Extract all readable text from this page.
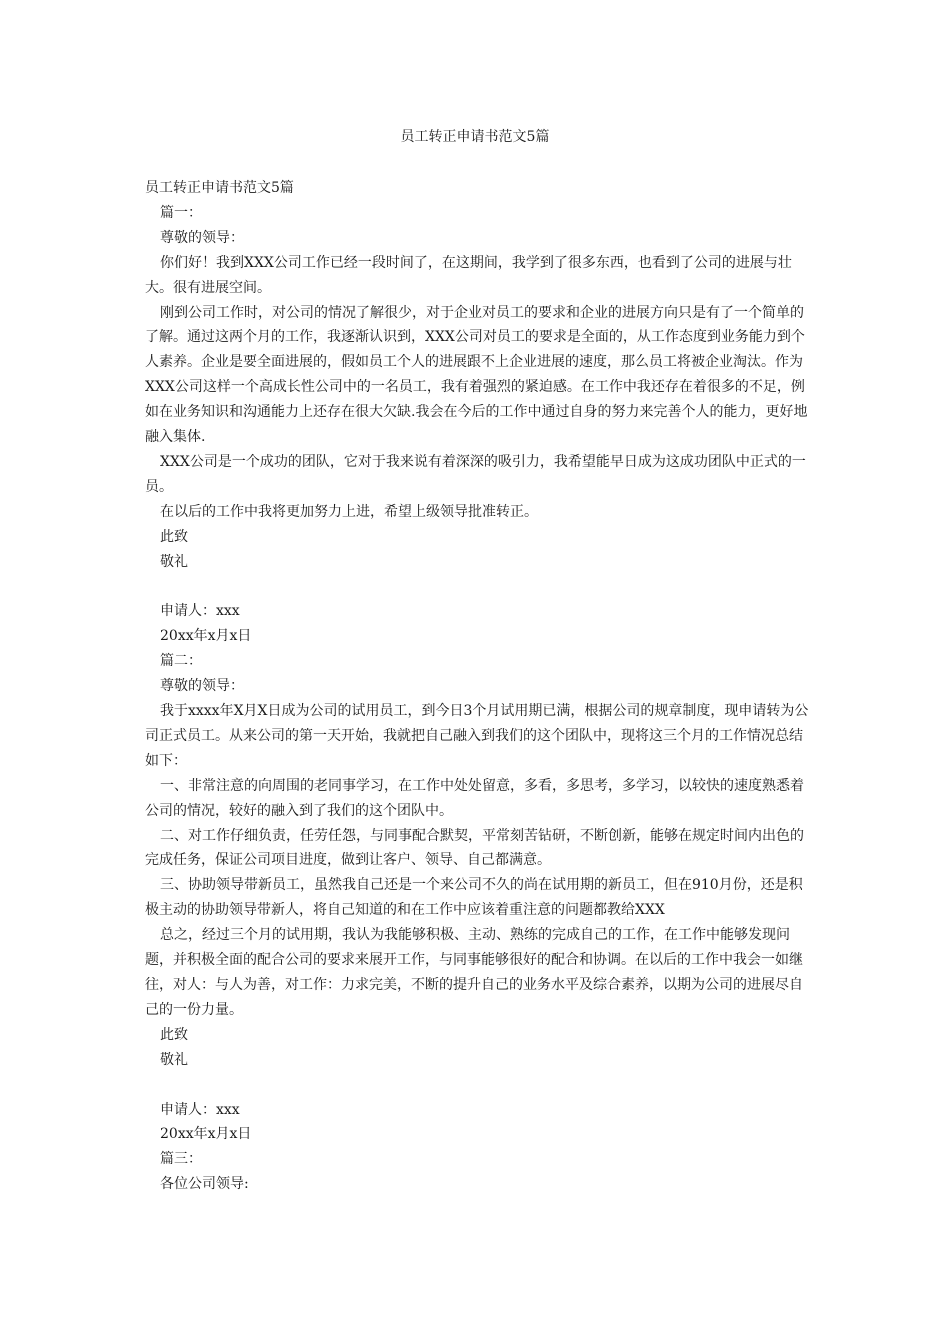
员工转正申请书范文5篇

员工转正申请书范文5篇

篇一：

尊敬的领导：

你们好！我到XXX公司工作已经一段时间了，在这期间，我学到了很多东西，也看到了公司的进展与壮大。很有进展空间。

刚到公司工作时，对公司的情况了解很少，对于企业对员工的要求和企业的进展方向只是有了一个简单的了解。通过这两个月的工作，我逐渐认识到，XXX公司对员工的要求是全面的，从工作态度到业务能力到个人素养。企业是要全面进展的，假如员工个人的进展跟不上企业进展的速度，那么员工将被企业淘汰。作为XXX公司这样一个高成长性公司中的一名员工，我有着强烈的紧迫感。在工作中我还存在着很多的不足，例如在业务知识和沟通能力上还存在很大欠缺.我会在今后的工作中通过自身的努力来完善个人的能力，更好地融入集体.

XXX公司是一个成功的团队，它对于我来说有着深深的吸引力，我希望能早日成为这成功团队中正式的一员。

在以后的工作中我将更加努力上进，希望上级领导批准转正。

此致

敬礼

申请人：xxx

20xx年x月x日

篇二：

尊敬的领导：

我于xxxx年X月X日成为公司的试用员工，到今日3个月试用期已满，根据公司的规章制度，现申请转为公司正式员工。从来公司的第一天开始，我就把自己融入到我们的这个团队中，现将这三个月的工作情况总结如下：

一、非常注意的向周围的老同事学习，在工作中处处留意，多看，多思考，多学习，以较快的速度熟悉着公司的情况，较好的融入到了我们的这个团队中。

二、对工作仔细负责，任劳任怨，与同事配合默契，平常刻苦钻研，不断创新，能够在规定时间内出色的完成任务，保证公司项目进度，做到让客户、领导、自己都满意。

三、协助领导带新员工，虽然我自己还是一个来公司不久的尚在试用期的新员工，但在910月份，还是积极主动的协助领导带新人，将自己知道的和在工作中应该着重注意的问题都教给XXX

总之，经过三个月的试用期，我认为我能够积极、主动、熟练的完成自己的工作，在工作中能够发现问题，并积极全面的配合公司的要求来展开工作，与同事能够很好的配合和协调。在以后的工作中我会一如继往，对人：与人为善，对工作：力求完美，不断的提升自己的业务水平及综合素养，以期为公司的进展尽自己的一份力量。

此致

敬礼

申请人：xxx

20xx年x月x日

篇三：

各位公司领导:
